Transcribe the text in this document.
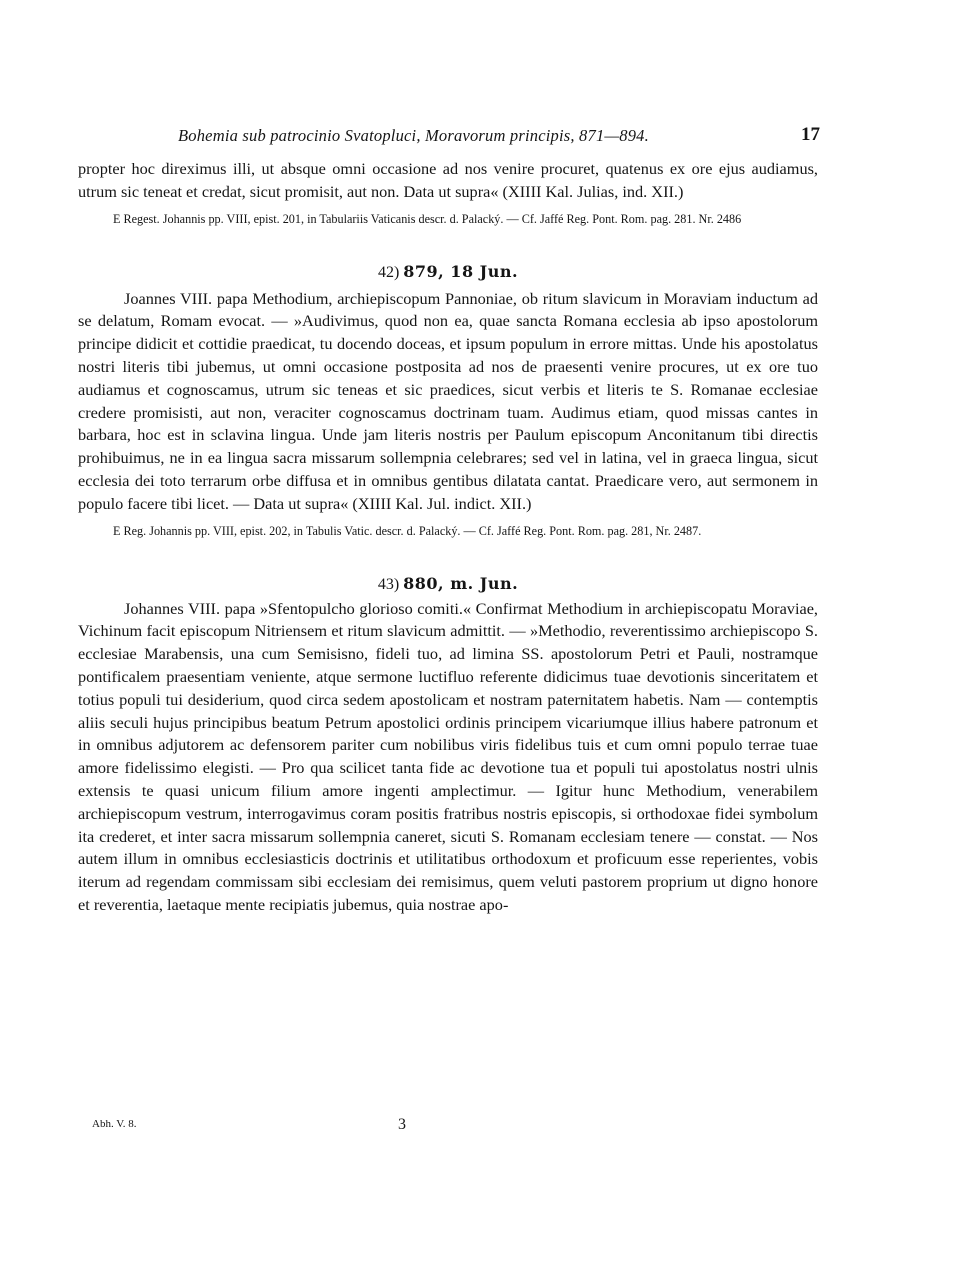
Bohemia sub patrocinio Svatopluci, Moravorum principis, 871—894.	17

propter hoc direximus illi, ut absque omni occasione ad nos venire procuret, quatenus ex ore ejus audiamus, utrum sic teneat et credat, sicut promisit, aut non. Data ut supra« (XIIII Kal. Julias, ind. XII.)

E Regest. Johannis pp. VIII, epist. 201, in Tabulariis Vaticanis descr. d. Palacký. — Cf. Jaffé Reg. Pont. Rom. pag. 281. Nr. 2486

42) 879, 18 Jun.

Joannes VIII. papa Methodium, archiepiscopum Pannoniae, ob ritum slavicum in Moraviam inductum ad se delatum, Romam evocat. — »Audivimus, quod non ea, quae sancta Romana ecclesia ab ipso apostolorum principe didicit et cottidie praedicat, tu docendo doceas, et ipsum populum in errore mittas. Unde his apostolatus nostri literis tibi jubemus, ut omni occasione postposita ad nos de praesenti venire procures, ut ex ore tuo audiamus et cognoscamus, utrum sic teneas et sic praedices, sicut verbis et literis te S. Romanae ecclesiae credere promisisti, aut non, veraciter cognoscamus doctrinam tuam. Audimus etiam, quod missas cantes in barbara, hoc est in sclavina lingua. Unde jam literis nostris per Paulum episcopum Anconitanum tibi directis prohibuimus, ne in ea lingua sacra missarum sollempnia celebrares; sed vel in latina, vel in graeca lingua, sicut ecclesia dei toto terrarum orbe diffusa et in omnibus gentibus dilatata cantat. Praedicare vero, aut sermonem in populo facere tibi licet. — Data ut supra« (XIIII Kal. Jul. indict. XII.)

E Reg. Johannis pp. VIII, epist. 202, in Tabulis Vatic. descr. d. Palacký. — Cf. Jaffé Reg. Pont. Rom. pag. 281, Nr. 2487.

43) 880, m. Jun.

Johannes VIII. papa »Sfentopulcho glorioso comiti.« Confirmat Methodium in archiepiscopatu Moraviae, Vichinum facit episcopum Nitriensem et ritum slavicum admittit. — »Methodio, reverentissimo archiepiscopo S. ecclesiae Marabensis, una cum Semisisno, fideli tuo, ad limina SS. apostolorum Petri et Pauli, nostramque pontificalem praesentiam veniente, atque sermone luctifluo referente didicimus tuae devotionis sinceritatem et totius populi tui desiderium, quod circa sedem apostolicam et nostram paternitatem habetis. Nam — contemptis aliis seculi hujus principibus beatum Petrum apostolici ordinis principem vicariumque illius habere patronum et in omnibus adjutorem ac defensorem pariter cum nobilibus viris fidelibus tuis et cum omni populo terrae tuae amore fidelissimo elegisti. — Pro qua scilicet tanta fide ac devotione tua et populi tui apostolatus nostri ulnis extensis te quasi unicum filium amore ingenti amplectimur. — Igitur hunc Methodium, venerabilem archiepiscopum vestrum, interrogavimus coram positis fratribus nostris episcopis, si orthodoxae fidei symbolum ita crederet, et inter sacra missarum sollempnia caneret, sicuti S. Romanam ecclesiam tenere — constat. — Nos autem illum in omnibus ecclesiasticis doctrinis et utilitatibus orthodoxum et proficuum esse reperientes, vobis iterum ad regendam commissam sibi ecclesiam dei remisimus, quem veluti pastorem proprium ut digno honore et reverentia, laetaque mente recipiatis jubemus, quia nostrae apo-

Abh. V. 8.	3
